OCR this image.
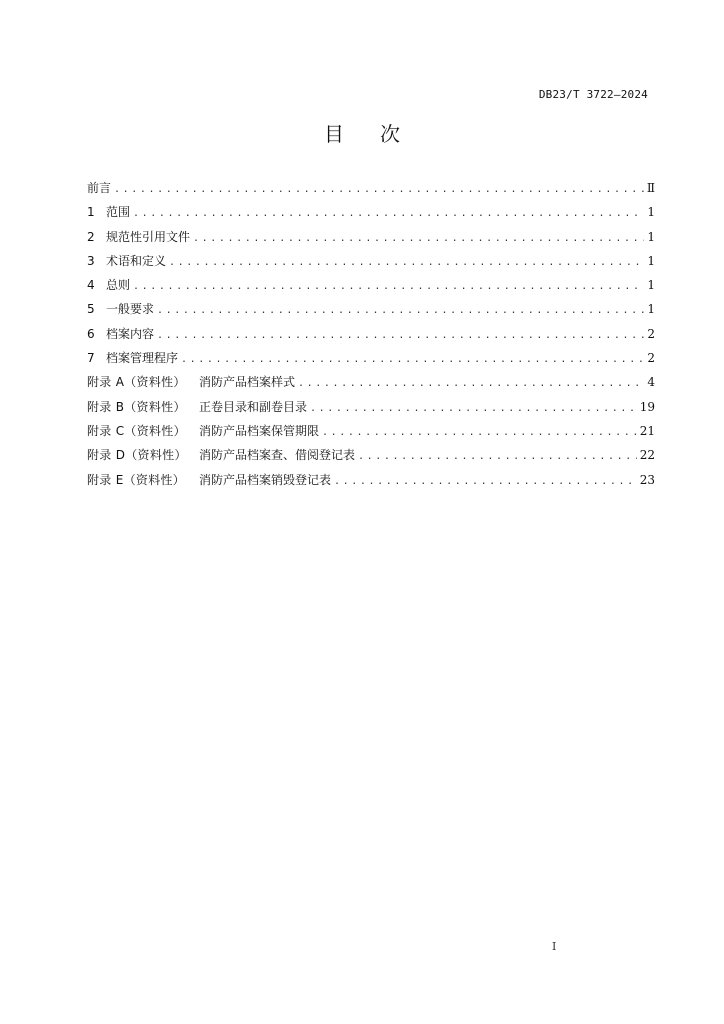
DB23/T 3722—2024
目次
前言 .....	Ⅱ
1 范围 .....	1
2 规范性引用文件 .....	1
3 术语和定义 .....	1
4 总则 .....	1
5 一般要求 .....	1
6 档案内容 .....	2
7 档案管理程序 .....	2
附录 A（资料性） 消防产品档案样式 .....	4
附录 B（资料性） 正卷目录和副卷目录 .....	19
附录 C（资料性） 消防产品档案保管期限 .....	21
附录 D（资料性） 消防产品档案查、借阅登记表 .....	22
附录 E（资料性） 消防产品档案销毁登记表 .....	23
Ⅰ
